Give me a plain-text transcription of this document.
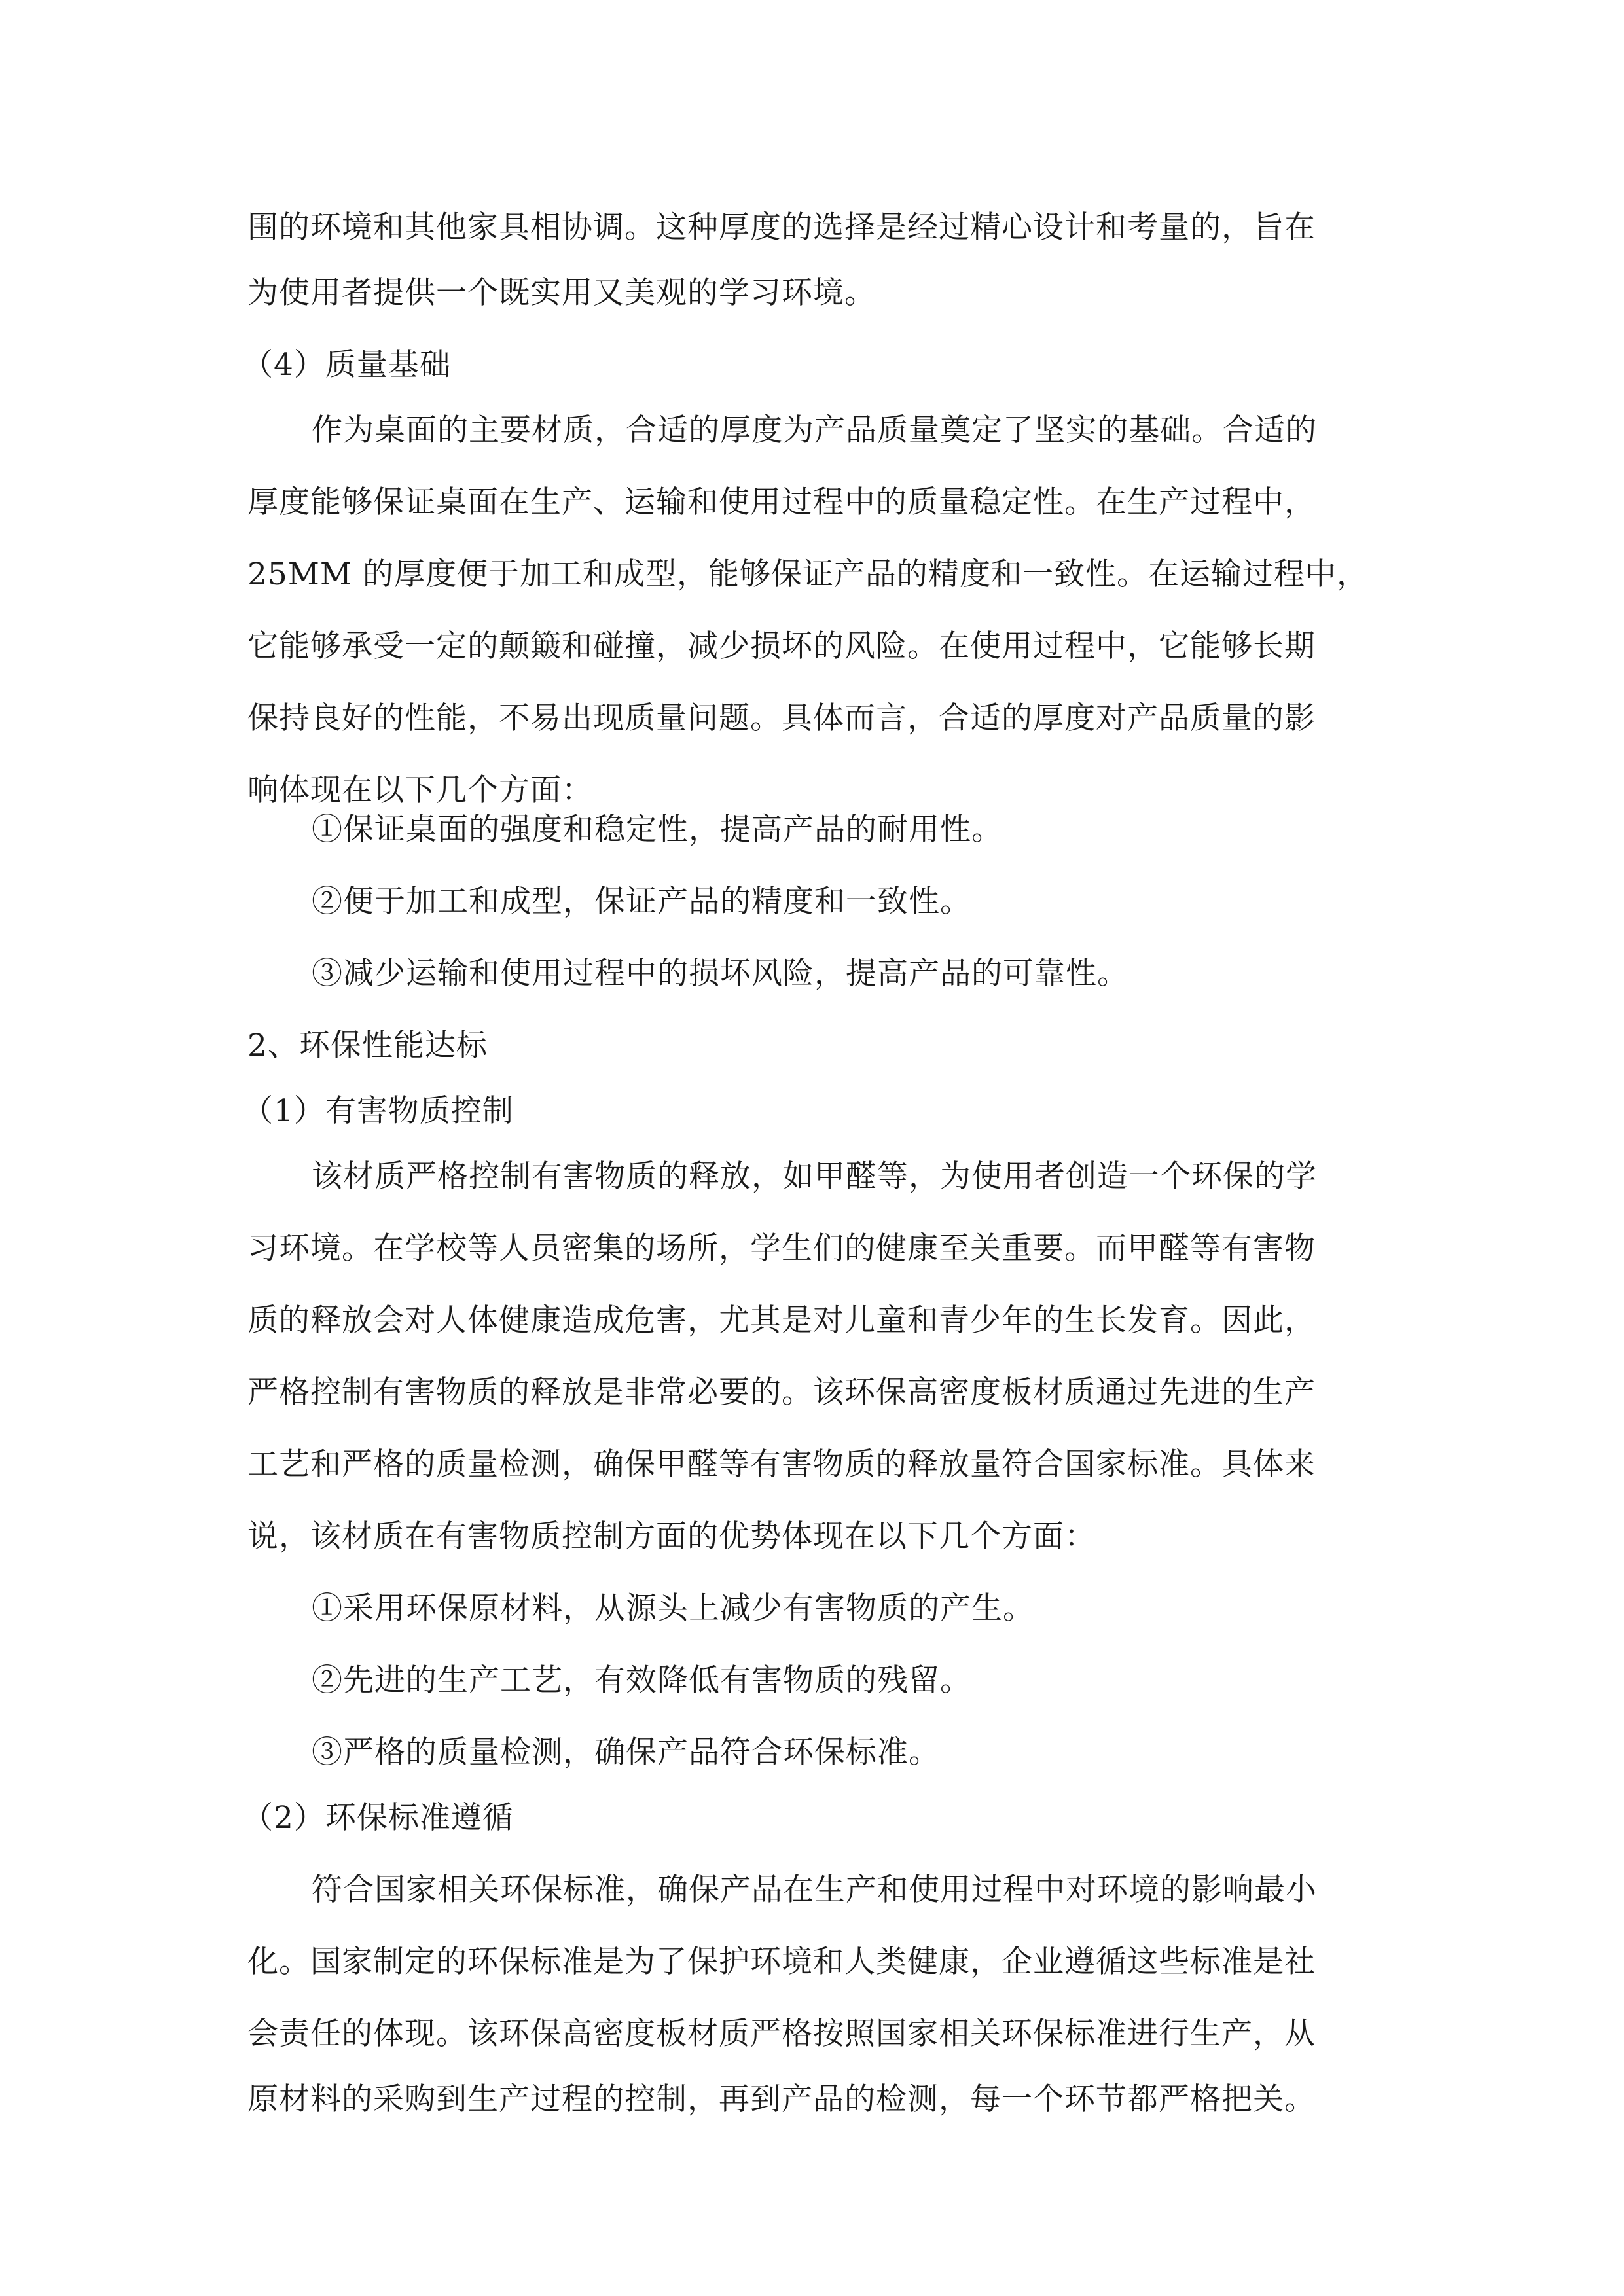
围的环境和其他家具相协调。这种厚度的选择是经过精心设计和考量的，旨在
为使用者提供一个既实用又美观的学习环境。
（4）质量基础
作为桌面的主要材质，合适的厚度为产品质量奠定了坚实的基础。合适的
厚度能够保证桌面在生产、运输和使用过程中的质量稳定性。在生产过程中，
25MM 的厚度便于加工和成型，能够保证产品的精度和一致性。在运输过程中，
它能够承受一定的颠簸和碰撞，减少损坏的风险。在使用过程中，它能够长期
保持良好的性能，不易出现质量问题。具体而言，合适的厚度对产品质量的影
响体现在以下几个方面：
①保证桌面的强度和稳定性，提高产品的耐用性。
②便于加工和成型，保证产品的精度和一致性。
③减少运输和使用过程中的损坏风险，提高产品的可靠性。
2、环保性能达标
（1）有害物质控制
该材质严格控制有害物质的释放，如甲醛等，为使用者创造一个环保的学
习环境。在学校等人员密集的场所，学生们的健康至关重要。而甲醛等有害物
质的释放会对人体健康造成危害，尤其是对儿童和青少年的生长发育。因此，
严格控制有害物质的释放是非常必要的。该环保高密度板材质通过先进的生产
工艺和严格的质量检测，确保甲醛等有害物质的释放量符合国家标准。具体来
说，该材质在有害物质控制方面的优势体现在以下几个方面：
①采用环保原材料，从源头上减少有害物质的产生。
②先进的生产工艺，有效降低有害物质的残留。
③严格的质量检测，确保产品符合环保标准。
（2）环保标准遵循
符合国家相关环保标准，确保产品在生产和使用过程中对环境的影响最小
化。国家制定的环保标准是为了保护环境和人类健康，企业遵循这些标准是社
会责任的体现。该环保高密度板材质严格按照国家相关环保标准进行生产，从
原材料的采购到生产过程的控制，再到产品的检测，每一个环节都严格把关。
